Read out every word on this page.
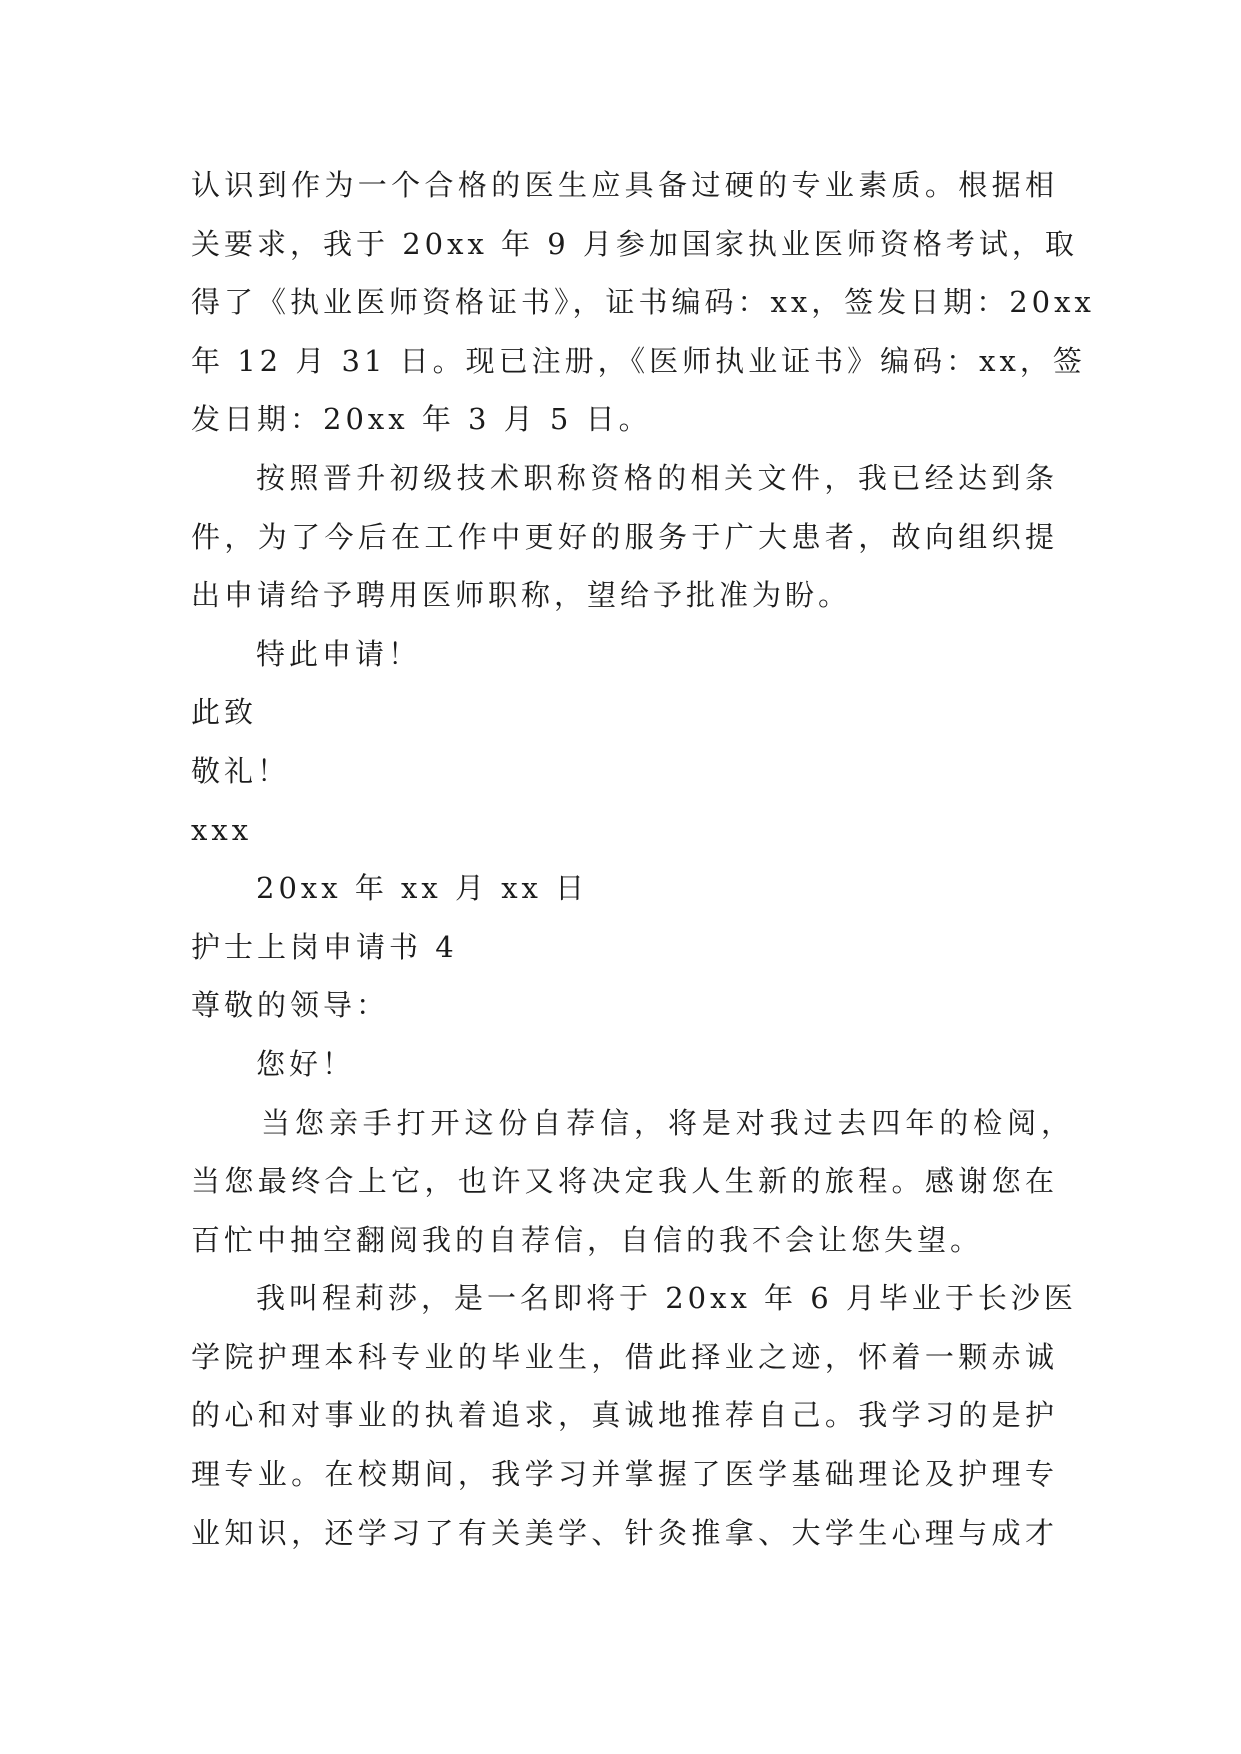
认识到作为一个合格的医生应具备过硬的专业素质。根据相
关要求，我于 20xx 年 9 月参加国家执业医师资格考试，取
得了《执业医师资格证书》，证书编码：xx，签发日期：20xx
年 12 月 31 日。现已注册，《医师执业证书》编码：xx，签
发日期：20xx 年 3 月 5 日。
按照晋升初级技术职称资格的相关文件，我已经达到条
件，为了今后在工作中更好的服务于广大患者，故向组织提
出申请给予聘用医师职称，望给予批准为盼。
特此申请！
此致
敬礼！
xxx
20xx 年 xx 月 xx 日
护士上岗申请书 4
尊敬的领导：
您好！
当您亲手打开这份自荐信，将是对我过去四年的检阅，
当您最终合上它，也许又将决定我人生新的旅程。感谢您在
百忙中抽空翻阅我的自荐信，自信的我不会让您失望。
我叫程莉莎，是一名即将于 20xx 年 6 月毕业于长沙医
学院护理本科专业的毕业生，借此择业之迹，怀着一颗赤诚
的心和对事业的执着追求，真诚地推荐自己。我学习的是护
理专业。在校期间，我学习并掌握了医学基础理论及护理专
业知识，还学习了有关美学、针灸推拿、大学生心理与成才
